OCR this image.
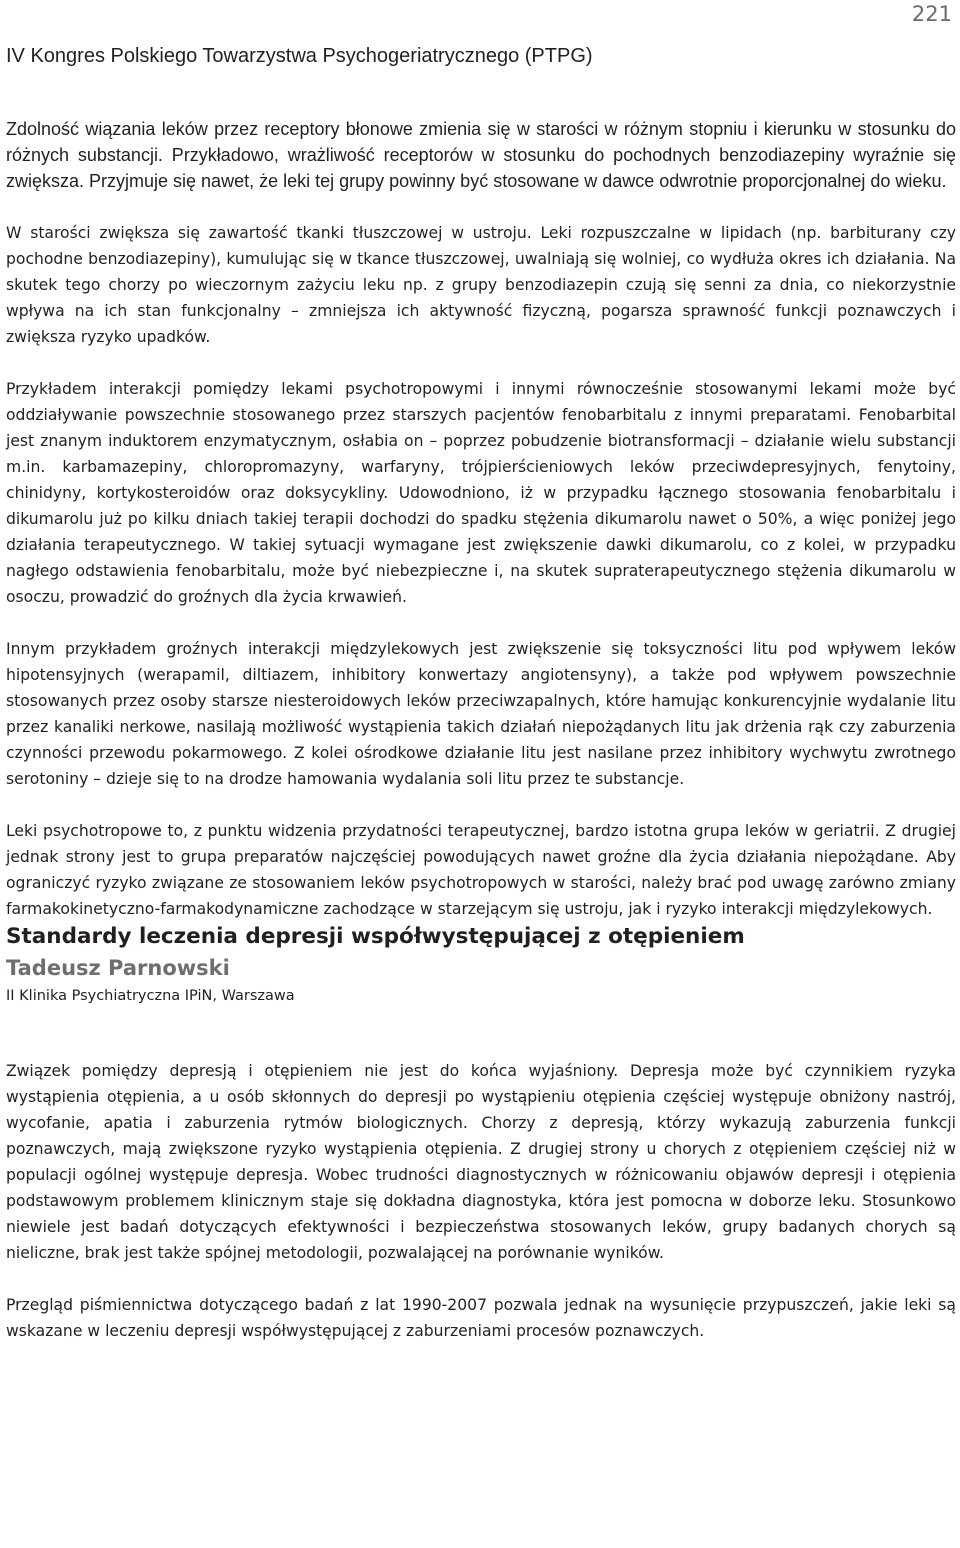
221
IV Kongres Polskiego Towarzystwa Psychogeriatrycznego (PTPG)

Zdolność wiązania leków przez receptory błonowe zmienia się w starości w różnym stopniu i kierunku w stosunku do różnych substancji. Przykładowo, wrażliwość receptorów w stosunku do pochodnych benzodiazepiny wyraźnie się zwiększa. Przyjmuje się nawet, że leki tej grupy powinny być stosowane w dawce odwrotnie proporcjonalnej do wieku.

W starości zwiększa się zawartość tkanki tłuszczowej w ustroju. Leki rozpuszczalne w lipidach (np. barbiturany czy pochodne benzodiazepiny), kumulując się w tkance tłuszczowej, uwalniają się wolniej, co wydłuża okres ich działania. Na skutek tego chorzy po wieczornym zażyciu leku np. z grupy benzodiazepin czują się senni za dnia, co niekorzystnie wpływa na ich stan funkcjonalny – zmniejsza ich aktywność fizyczną, pogarsza sprawność funkcji poznawczych i zwiększa ryzyko upadków.

Przykładem interakcji pomiędzy lekami psychotropowymi i innymi równocześnie stosowanymi lekami może być oddziaływanie powszechnie stosowanego przez starszych pacjentów fenobarbitalu z innymi preparatami. Fenobarbital jest znanym induktorem enzymatycznym, osłabia on – poprzez pobudzenie biotransformacji – działanie wielu substancji m.in. karbamazepiny, chloropromazyny, warfaryny, trójpierścieniowych leków przeciwdepresyjnych, fenytoiny, chinidyny, kortykosteroidów oraz doksycykliny. Udowodniono, iż w przypadku łącznego stosowania fenobarbitalu i dikumarolu już po kilku dniach takiej terapii dochodzi do spadku stężenia dikumarolu nawet o 50%, a więc poniżej jego działania terapeutycznego. W takiej sytuacji wymagane jest zwiększenie dawki dikumarolu, co z kolei, w przypadku nagłego odstawienia fenobarbitalu, może być niebezpieczne i, na skutek supraterapeutycznego stężenia dikumarolu w osoczu, prowadzić do groźnych dla życia krwawień.

Innym przykładem groźnych interakcji międzylekowych jest zwiększenie się toksyczności litu pod wpływem leków hipotensyjnych (werapamil, diltiazem, inhibitory konwertazy angiotensyny), a także pod wpływem powszechnie stosowanych przez osoby starsze niesteroidowych leków przeciwzapalnych, które hamując konkurencyjnie wydalanie litu przez kanaliki nerkowe, nasilają możliwość wystąpienia takich działań niepożądanych litu jak drżenia rąk czy zaburzenia czynności przewodu pokarmowego. Z kolei ośrodkowe działanie litu jest nasilane przez inhibitory wychwytu zwrotnego serotoniny – dzieje się to na drodze hamowania wydalania soli litu przez te substancje.

Leki psychotropowe to, z punktu widzenia przydatności terapeutycznej, bardzo istotna grupa leków w geriatrii. Z drugiej jednak strony jest to grupa preparatów najczęściej powodujących nawet groźne dla życia działania niepożądane. Aby ograniczyć ryzyko związane ze stosowaniem leków psychotropowych w starości, należy brać pod uwagę zarówno zmiany farmakokinetyczno-farmakodynamiczne zachodzące w starzejącym się ustroju, jak i ryzyko interakcji międzylekowych.

Standardy leczenia depresji współwystępującej z otępieniem
Tadeusz Parnowski
II Klinika Psychiatryczna IPiN, Warszawa

Związek pomiędzy depresją i otępieniem nie jest do końca wyjaśniony. Depresja może być czynnikiem ryzyka wystąpienia otępienia, a u osób skłonnych do depresji po wystąpieniu otępienia częściej występuje obniżony nastrój, wycofanie, apatia i zaburzenia rytmów biologicznych. Chorzy z depresją, którzy wykazują zaburzenia funkcji poznawczych, mają zwiększone ryzyko wystąpienia otępienia. Z drugiej strony u chorych z otępieniem częściej niż w populacji ogólnej występuje depresja. Wobec trudności diagnostycznych w różnicowaniu objawów depresji i otępienia podstawowym problemem klinicznym staje się dokładna diagnostyka, która jest pomocna w doborze leku. Stosunkowo niewiele jest badań dotyczących efektywności i bezpieczeństwa stosowanych leków, grupy badanych chorych są nieliczne, brak jest także spójnej metodologii, pozwalającej na porównanie wyników.

Przegląd piśmiennictwa dotyczącego badań z lat 1990-2007 pozwala jednak na wysunięcie przypuszczeń, jakie leki są wskazane w leczeniu depresji współwystępującej z zaburzeniami procesów poznawczych.
